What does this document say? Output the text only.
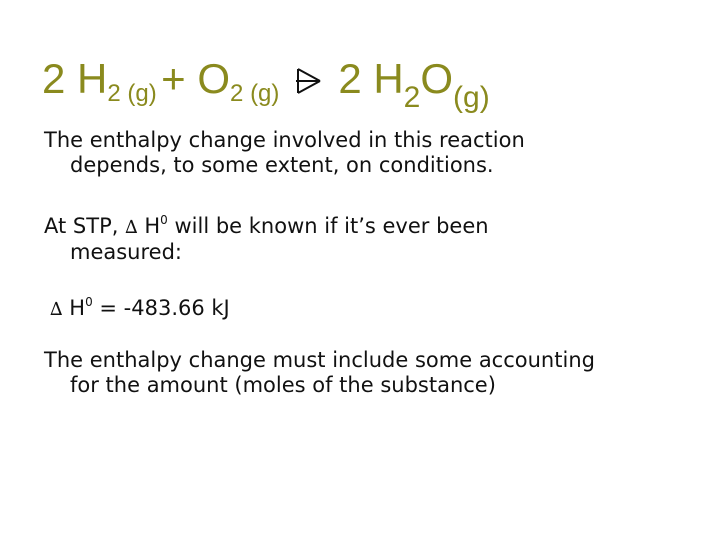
2 H2 (g) + O2 (g) 2 H2O(g)
The enthalpy change involved in this reaction
depends, to some extent, on conditions.
At STP, ∆ $H^0$ will be known if it’s ever been
measured:
∆ $H^0 = -483.66$ kJ
The enthalpy change must include some accounting
for the amount (moles of the substance)
